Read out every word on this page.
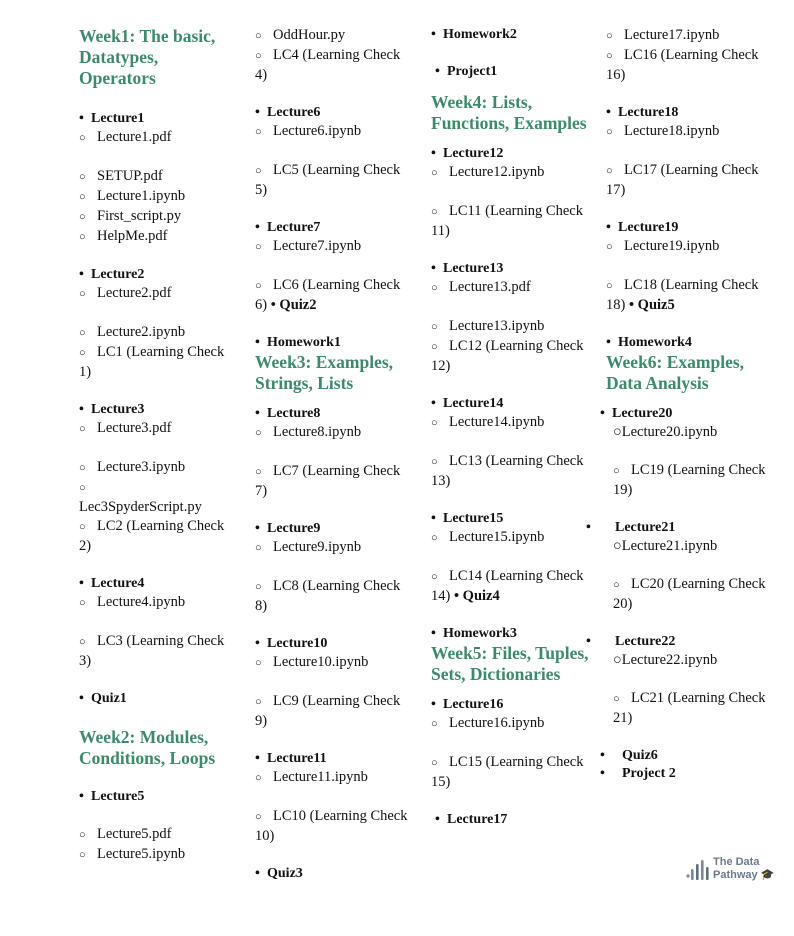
Week1: The basic, Datatypes, Operators
• Lecture1
○ Lecture1.pdf
○ SETUP.pdf
○ Lecture1.ipynb
○ First_script.py
○ HelpMe.pdf
• Lecture2
○ Lecture2.pdf
○ Lecture2.ipynb
○ LC1 (Learning Check 1)
• Lecture3
○ Lecture3.pdf
○ Lecture3.ipynb
○
Lec3SpyderScript.py
○ LC2 (Learning Check 2)
• Lecture4
○ Lecture4.ipynb
○ LC3 (Learning Check 3)
• Quiz1
Week2: Modules, Conditions, Loops
• Lecture5
○ Lecture5.pdf
○ Lecture5.ipynb
○ OddHour.py
○ LC4 (Learning Check 4)
• Lecture6
○ Lecture6.ipynb
○ LC5 (Learning Check 5)
• Lecture7
○ Lecture7.ipynb
○ LC6 (Learning Check 6) • Quiz2
• Homework1
Week3: Examples, Strings, Lists
• Lecture8
○ Lecture8.ipynb
○ LC7 (Learning Check 7)
• Lecture9
○ Lecture9.ipynb
○ LC8 (Learning Check 8)
• Lecture10
○ Lecture10.ipynb
○ LC9 (Learning Check 9)
• Lecture11
○ Lecture11.ipynb
○ LC10 (Learning Check 10)
• Quiz3
• Homework2
• Project1
Week4: Lists, Functions, Examples
• Lecture12
○ Lecture12.ipynb
○ LC11 (Learning Check 11)
• Lecture13
○ Lecture13.pdf
○ Lecture13.ipynb
○ LC12 (Learning Check 12)
• Lecture14
○ Lecture14.ipynb
○ LC13 (Learning Check 13)
• Lecture15
○ Lecture15.ipynb
○ LC14 (Learning Check 14) • Quiz4
• Homework3
Week5: Files, Tuples, Sets, Dictionaries
• Lecture16
○ Lecture16.ipynb
○ LC15 (Learning Check 15)
• Lecture17
○ Lecture17.ipynb
○ LC16 (Learning Check 16)
• Lecture18
○ Lecture18.ipynb
○ LC17 (Learning Check 17)
• Lecture19
○ Lecture19.ipynb
○ LC18 (Learning Check 18) • Quiz5
• Homework4
Week6: Examples, Data Analysis
• Lecture20
○Lecture20.ipynb
○ LC19 (Learning Check 19)
• Lecture21
○Lecture21.ipynb
○ LC20 (Learning Check 20)
• Lecture22
○Lecture22.ipynb
○ LC21 (Learning Check 21)
• Quiz6
• Project 2
The Data
Pathway 🎓
